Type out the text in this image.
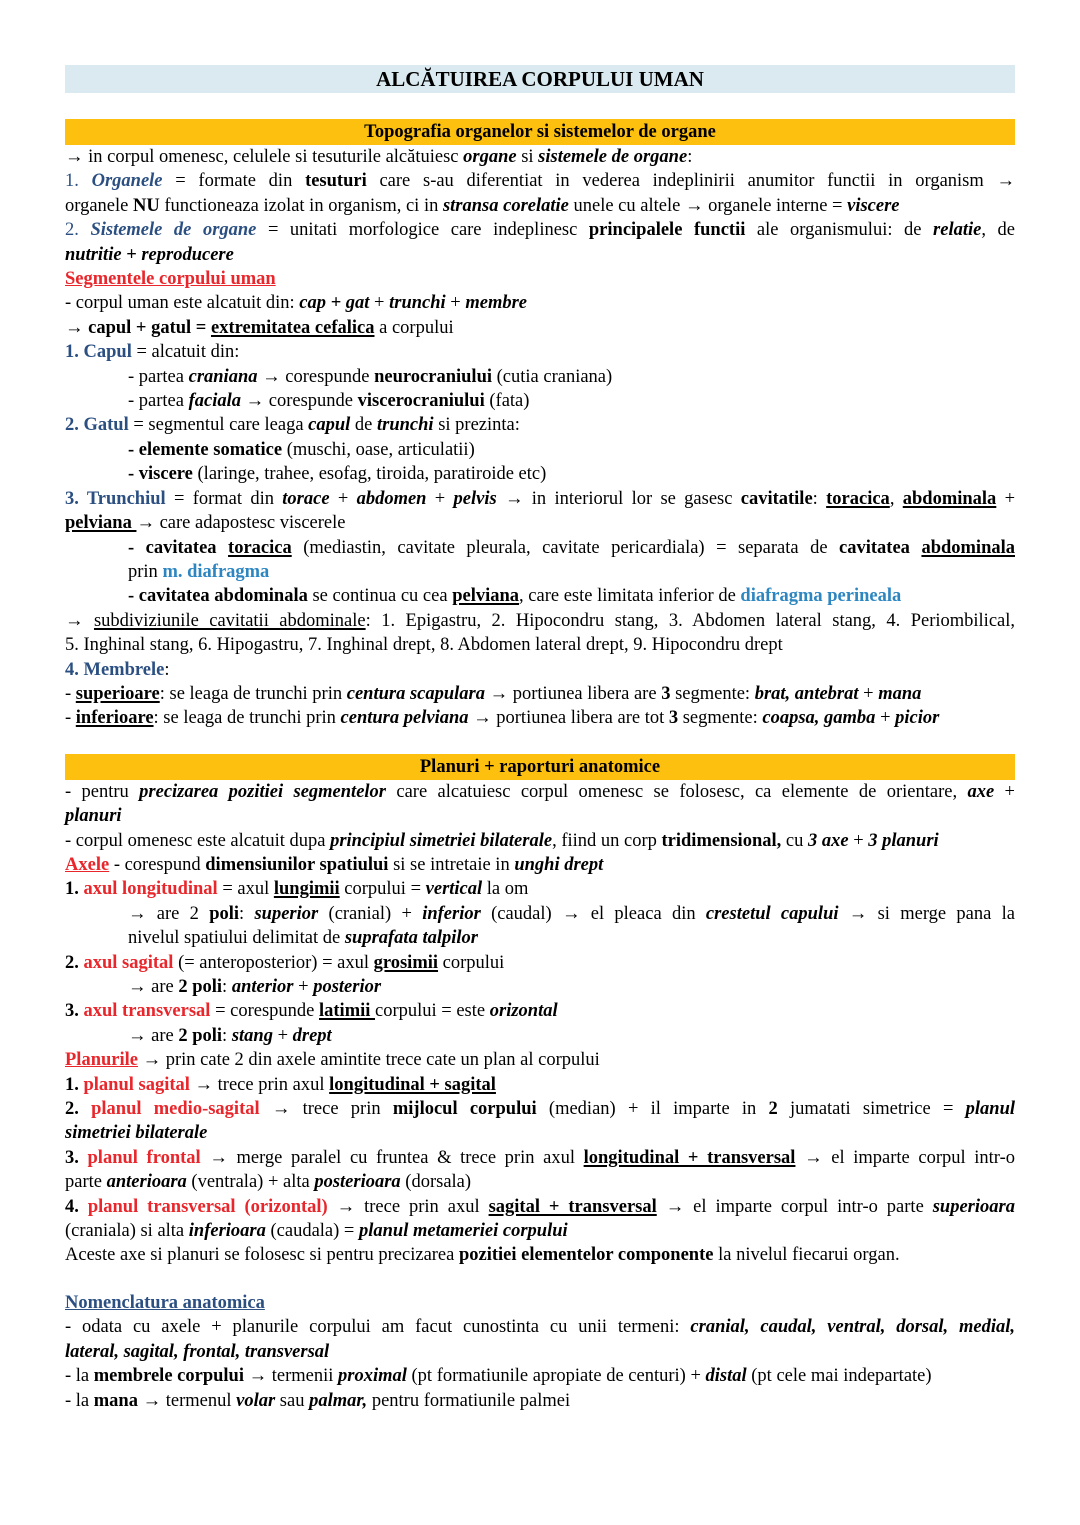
ALCĂTUIREA CORPULUI UMAN
Topografia organelor si sistemelor de organe
→ in corpul omenesc, celulele si tesuturile alcătuiesc organe si sistemele de organe:
1. Organele = formate din tesuturi care s-au diferentiat in vederea indeplinirii anumitor functii in organism →
organele NU functioneaza izolat in organism, ci in stransa corelatie unele cu altele → organele interne = viscere
2. Sistemele de organe = unitati morfologice care indeplinesc principalele functii ale organismului: de relatie, de
nutritie + reproducere
Segmentele corpului uman
- corpul uman este alcatuit din: cap + gat + trunchi + membre
→ capul + gatul = extremitatea cefalica a corpului
1. Capul = alcatuit din:
- partea craniana → corespunde neurocraniului (cutia craniana)
- partea faciala → corespunde viscerocraniului (fata)
2. Gatul = segmentul care leaga capul de trunchi si prezinta:
- elemente somatice (muschi, oase, articulatii)
- viscere (laringe, trahee, esofag, tiroida, paratiroide etc)
3. Trunchiul = format din torace + abdomen + pelvis → in interiorul lor se gasesc cavitatile: toracica, abdominala +
pelviana → care adapostesc viscerele
- cavitatea toracica (mediastin, cavitate pleurala, cavitate pericardiala) = separata de cavitatea abdominala
prin m. diafragma
- cavitatea abdominala se continua cu cea pelviana, care este limitata inferior de diafragma perineala
→ subdiviziunile cavitatii abdominale: 1. Epigastru, 2. Hipocondru stang, 3. Abdomen lateral stang, 4. Periombilical,
5. Inghinal stang, 6. Hipogastru, 7. Inghinal drept, 8. Abdomen lateral drept, 9. Hipocondru drept
4. Membrele:
- superioare: se leaga de trunchi prin centura scapulara → portiunea libera are 3 segmente: brat, antebrat + mana
- inferioare: se leaga de trunchi prin centura pelviana → portiunea libera are tot 3 segmente: coapsa, gamba + picior
Planuri + raporturi anatomice
- pentru precizarea pozitiei segmentelor care alcatuiesc corpul omenesc se folosesc, ca elemente de orientare, axe +
planuri
- corpul omenesc este alcatuit dupa principiul simetriei bilaterale, fiind un corp tridimensional, cu 3 axe + 3 planuri
Axele - corespund dimensiunilor spatiului si se intretaie in unghi drept
1. axul longitudinal = axul lungimii corpului = vertical la om
→ are 2 poli: superior (cranial) + inferior (caudal) → el pleaca din crestetul capului → si merge pana la
nivelul spatiului delimitat de suprafata talpilor
2. axul sagital (= anteroposterior) = axul grosimii corpului
→ are 2 poli: anterior + posterior
3. axul transversal = corespunde latimii corpului = este orizontal
→ are 2 poli: stang + drept
Planurile → prin cate 2 din axele amintite trece cate un plan al corpului
1. planul sagital → trece prin axul longitudinal + sagital
2. planul medio-sagital → trece prin mijlocul corpului (median) + il imparte in 2 jumatati simetrice = planul
simetriei bilaterale
3. planul frontal → merge paralel cu fruntea & trece prin axul longitudinal + transversal → el imparte corpul intr-o
parte anterioara (ventrala) + alta posterioara (dorsala)
4. planul transversal (orizontal) → trece prin axul sagital + transversal → el imparte corpul intr-o parte superioara
(craniala) si alta inferioara (caudala) = planul metameriei corpului
Aceste axe si planuri se folosesc si pentru precizarea pozitiei elementelor componente la nivelul fiecarui organ.
Nomenclatura anatomica
- odata cu axele + planurile corpului am facut cunostinta cu unii termeni: cranial, caudal, ventral, dorsal, medial,
lateral, sagital, frontal, transversal
- la membrele corpului → termenii proximal (pt formatiunile apropiate de centuri) + distal (pt cele mai indepartate)
- la mana → termenul volar sau palmar, pentru formatiunile palmei
